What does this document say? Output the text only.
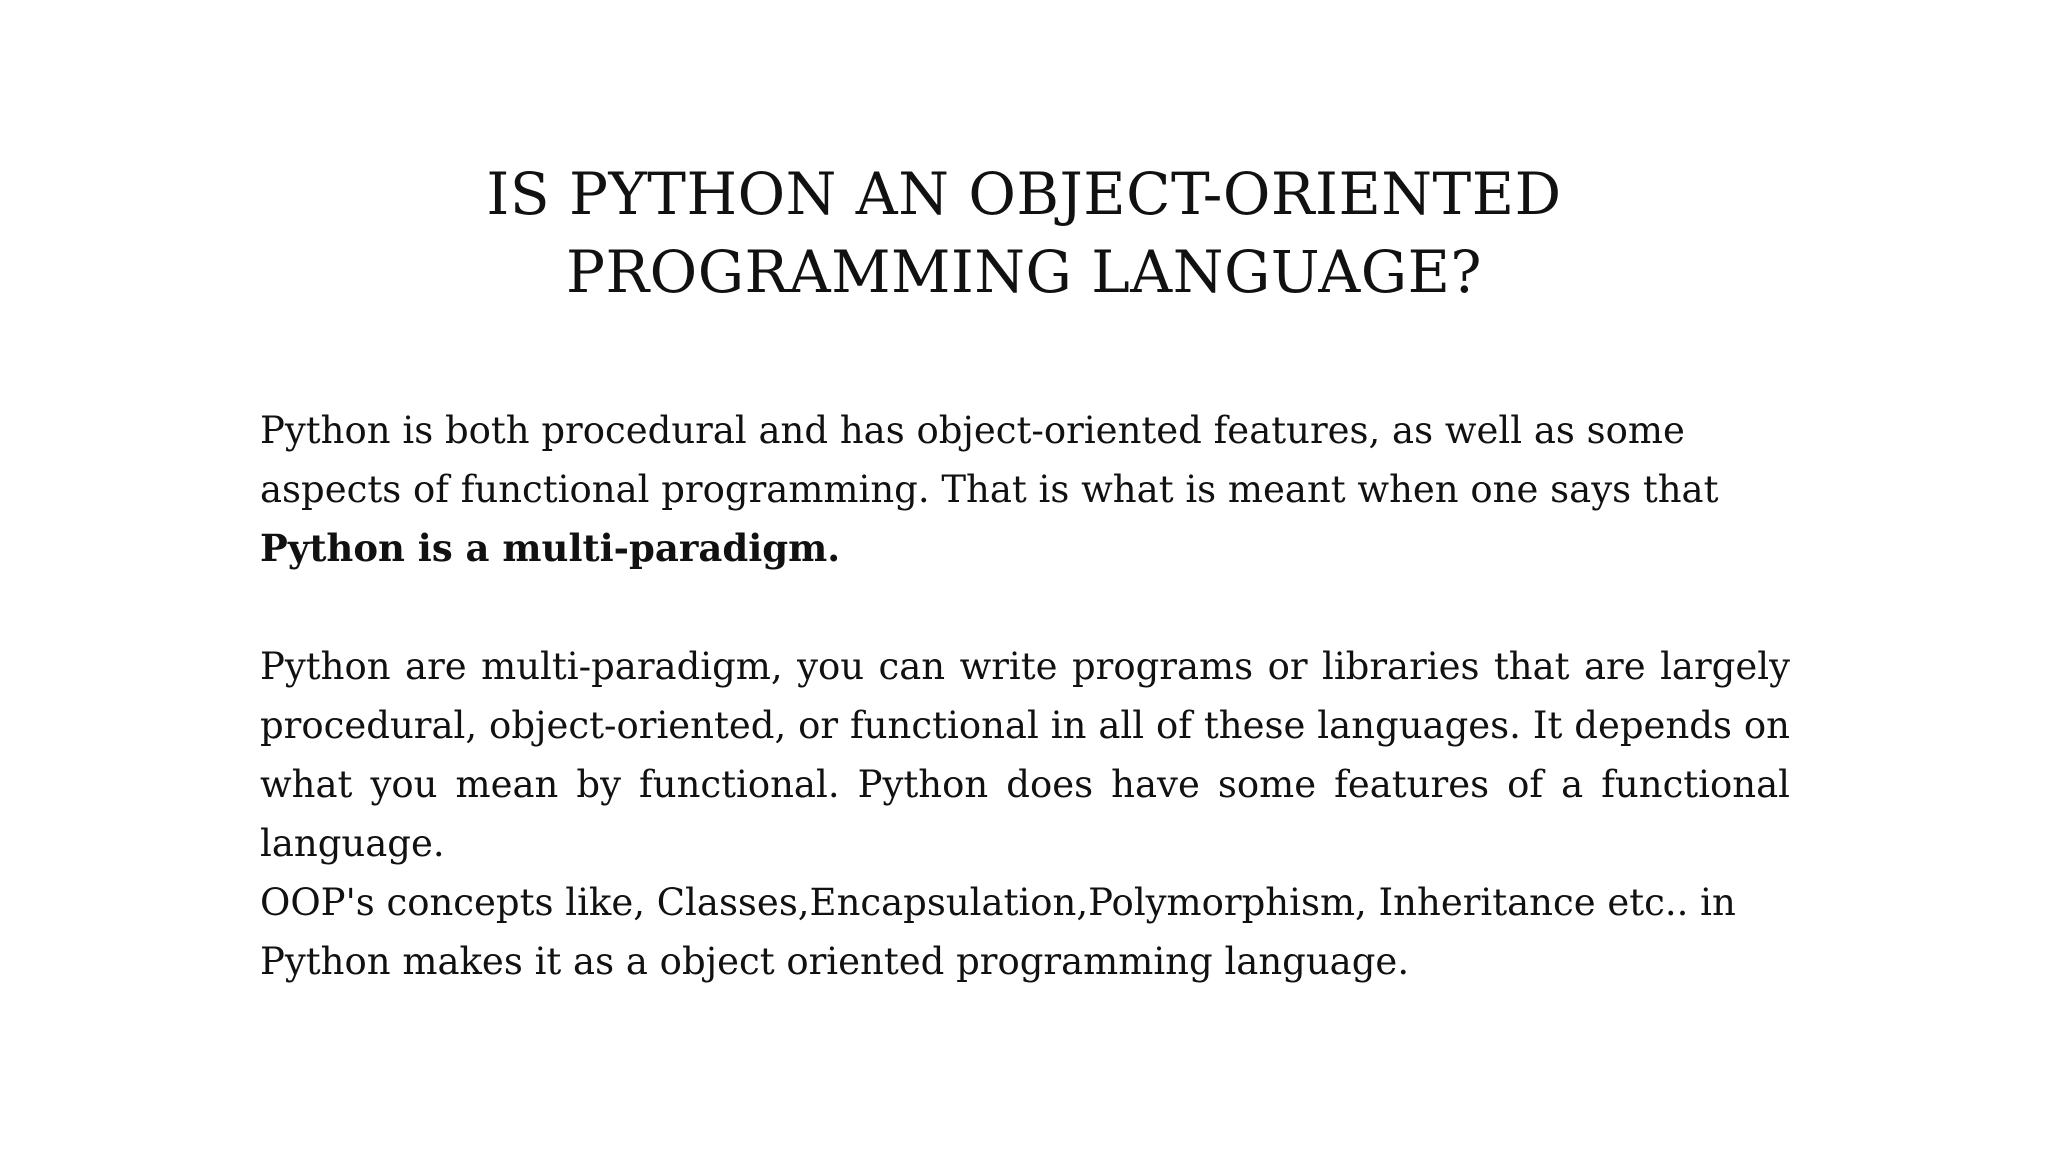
IS PYTHON AN OBJECT-ORIENTED PROGRAMMING LANGUAGE?

Python is both procedural and has object-oriented features, as well as some aspects of functional programming. That is what is meant when one says that Python is a multi-paradigm.

Python are multi-paradigm, you can write programs or libraries that are largely procedural, object-oriented, or functional in all of these languages. It depends on what you mean by functional. Python does have some features of a functional language.

OOP's concepts like, Classes,Encapsulation,Polymorphism, Inheritance etc.. in Python makes it as a object oriented programming language.
